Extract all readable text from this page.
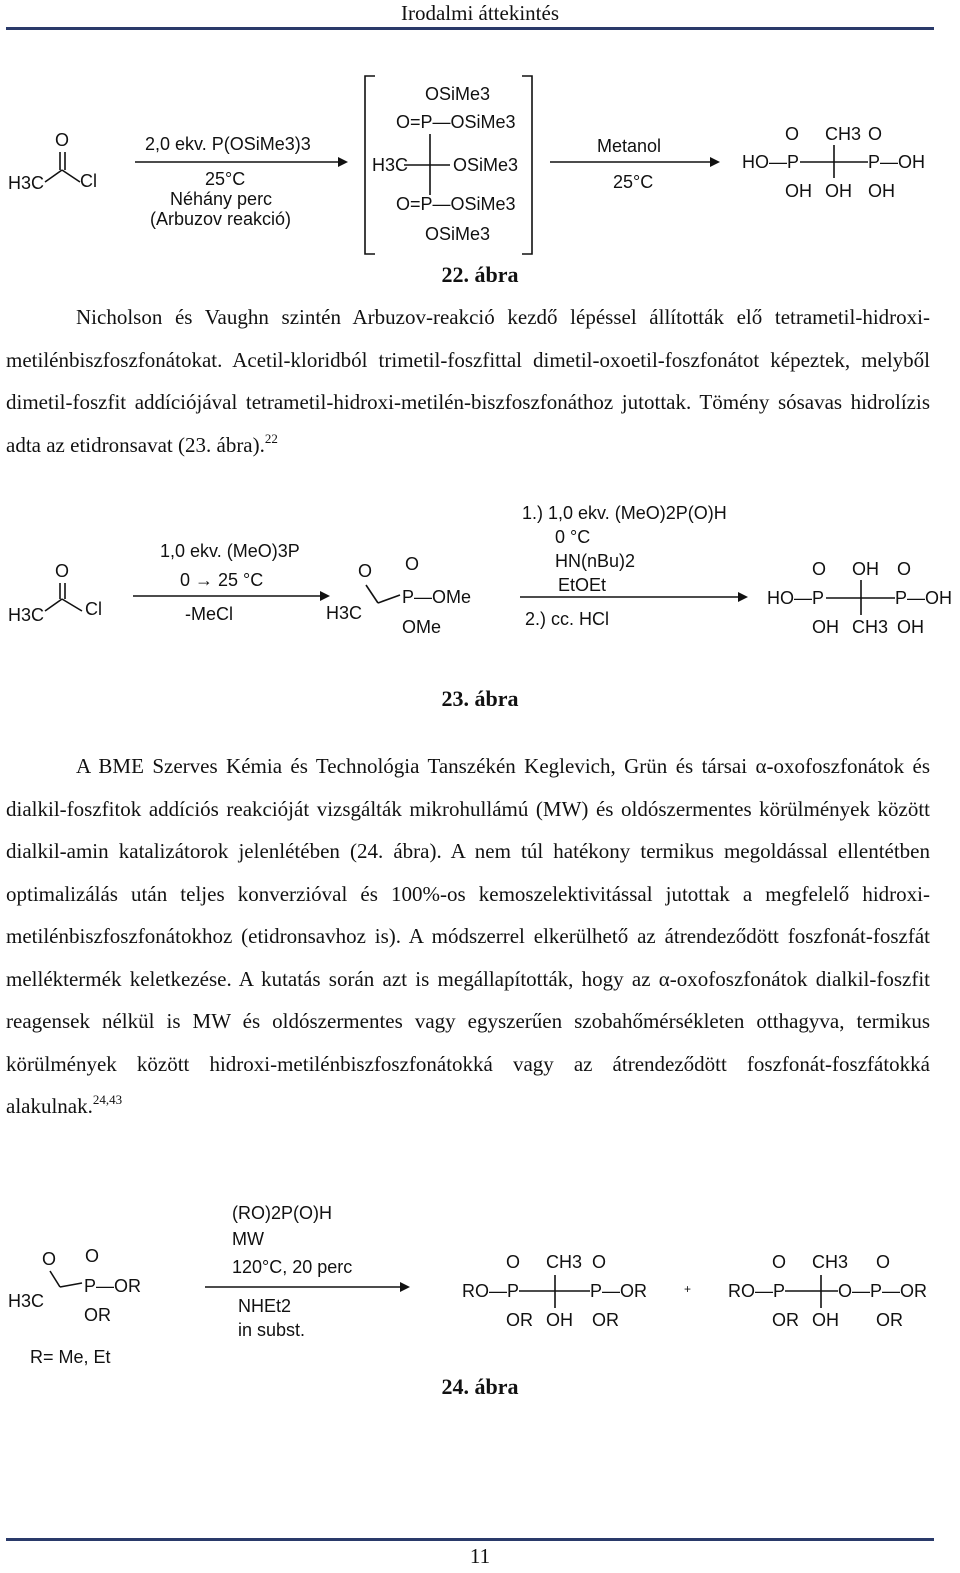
Irodalmi áttekintés
O
H3C Cl
2,0 ekv. P(OSiMe3)3
25°C
Néhány perc
(Arbuzov reakció)
OSiMe3
O=P—OSiMe3
H3C OSiMe3
O=P—OSiMe3
OSiMe3
Metanol
25°C
O CH3 O
HO—P	P—OH
OH OH OH
22. ábra
Nicholson és Vaughn szintén Arbuzov-reakció kezdő lépéssel állították elő tetrametil-hidroxi-metilénbiszfoszfonátokat. Acetil-kloridból trimetil-foszfittal dimetil-oxoetil-foszfonátot képeztek, melyből dimetil-foszfit addíciójával tetrametil-hidroxi-metilén-biszfoszfonáthoz jutottak. Tömény sósavas hidrolízis adta az etidronsavat (23. ábra).$^{22}$
O
H3C Cl
1,0 ekv. (MeO)3P
0 → 25 °C
-MeCl
O O
H3C
P—OMe
OMe
1.) 1,0 ekv. (MeO)2P(O)H
0 °C
HN(nBu)2
EtOEt
2.) cc. HCl
O OH O
HO—P	P—OH
OH CH3 OH
23. ábra
A BME Szerves Kémia és Technológia Tanszékén Keglevich, Grün és társai α-oxofoszfonátok és dialkil-foszfitok addíciós reakcióját vizsgálták mikrohullámú (MW) és oldószermentes körülmények között dialkil-amin katalizátorok jelenlétében (24. ábra). A nem túl hatékony termikus megoldással ellentétben optimalizálás után teljes konverzióval és 100%-os kemoszelektivitással jutottak a megfelelő hidroxi-metilénbiszfoszfonátokhoz (etidronsavhoz is). A módszerrel elkerülhető az átrendeződött foszfonát-foszfát melléktermék keletkezése. A kutatás során azt is megállapították, hogy az α-oxofoszfonátok dialkil-foszfit reagensek nélkül is MW és oldószermentes vagy egyszerűen szobahőmérsékleten otthagyva, termikus körülmények között hidroxi-metilénbiszfoszfonátokká vagy az átrendeződött foszfonát-foszfátokká alakulnak.$^{24,43}$
O O
H3C
P—OR
OR
R= Me, Et
(RO)2P(O)H
MW
120°C, 20 perc
NHEt2
in subst.
O CH3 O
RO—P	P—OR
OR OH OR
+
O CH3 O
RO—P	O—P—OR
OR OH OR
24. ábra
11
